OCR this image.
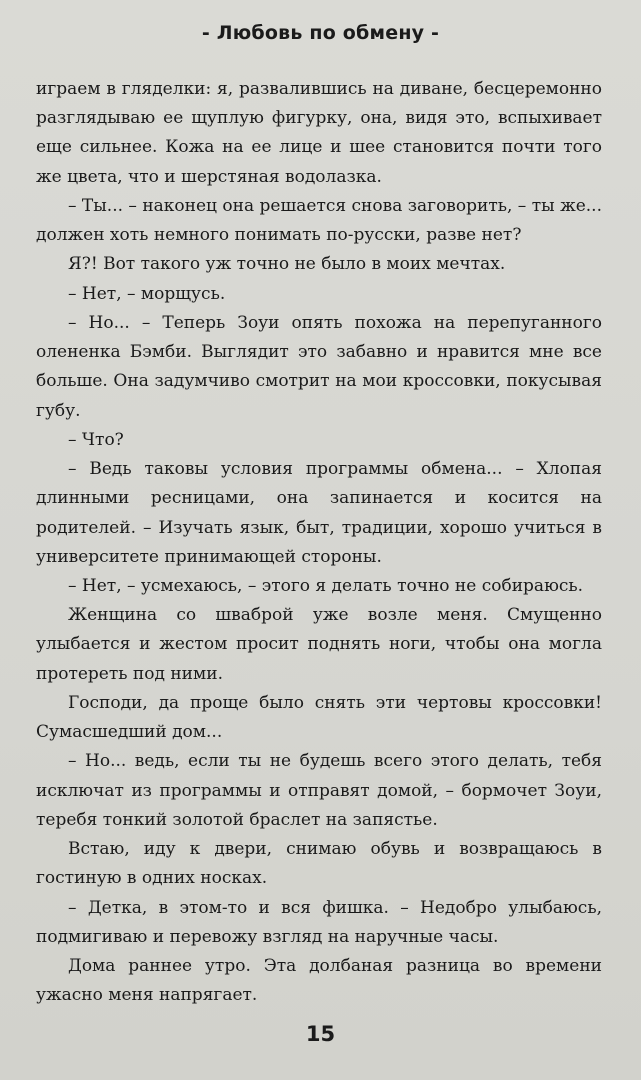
- Любовь по обмену -

играем в гляделки: я, развалившись на диване, бесцеремонно разглядываю ее щуплую фигурку, она, видя это, вспыхивает еще сильнее. Кожа на ее лице и шее становится почти того же цвета, что и шерстяная водолазка.

– Ты... – наконец она решается снова заговорить, – ты же... должен хоть немного понимать по-русски, разве нет?

Я?! Вот такого уж точно не было в моих мечтах.

– Нет, – морщусь.

– Но... – Теперь Зоуи опять похожа на перепуганного олененка Бэмби. Выглядит это забавно и нравится мне все больше. Она задумчиво смотрит на мои кроссовки, покусывая губу.

– Что?

– Ведь таковы условия программы обмена... – Хлопая длинными ресницами, она запинается и косится на родителей. – Изучать язык, быт, традиции, хорошо учиться в университете принимающей стороны.

– Нет, – усмехаюсь, – этого я делать точно не собираюсь.

Женщина со шваброй уже возле меня. Смущенно улыбается и жестом просит поднять ноги, чтобы она могла протереть под ними.

Господи, да проще было снять эти чертовы кроссовки! Сумасшедший дом...

– Но... ведь, если ты не будешь всего этого делать, тебя исключат из программы и отправят домой, – бормочет Зоуи, теребя тонкий золотой браслет на запястье.

Встаю, иду к двери, снимаю обувь и возвращаюсь в гостиную в одних носках.

– Детка, в этом-то и вся фишка. – Недобро улыбаюсь, подмигиваю и перевожу взгляд на наручные часы.

Дома раннее утро. Эта долбаная разница во времени ужасно меня напрягает.

15
